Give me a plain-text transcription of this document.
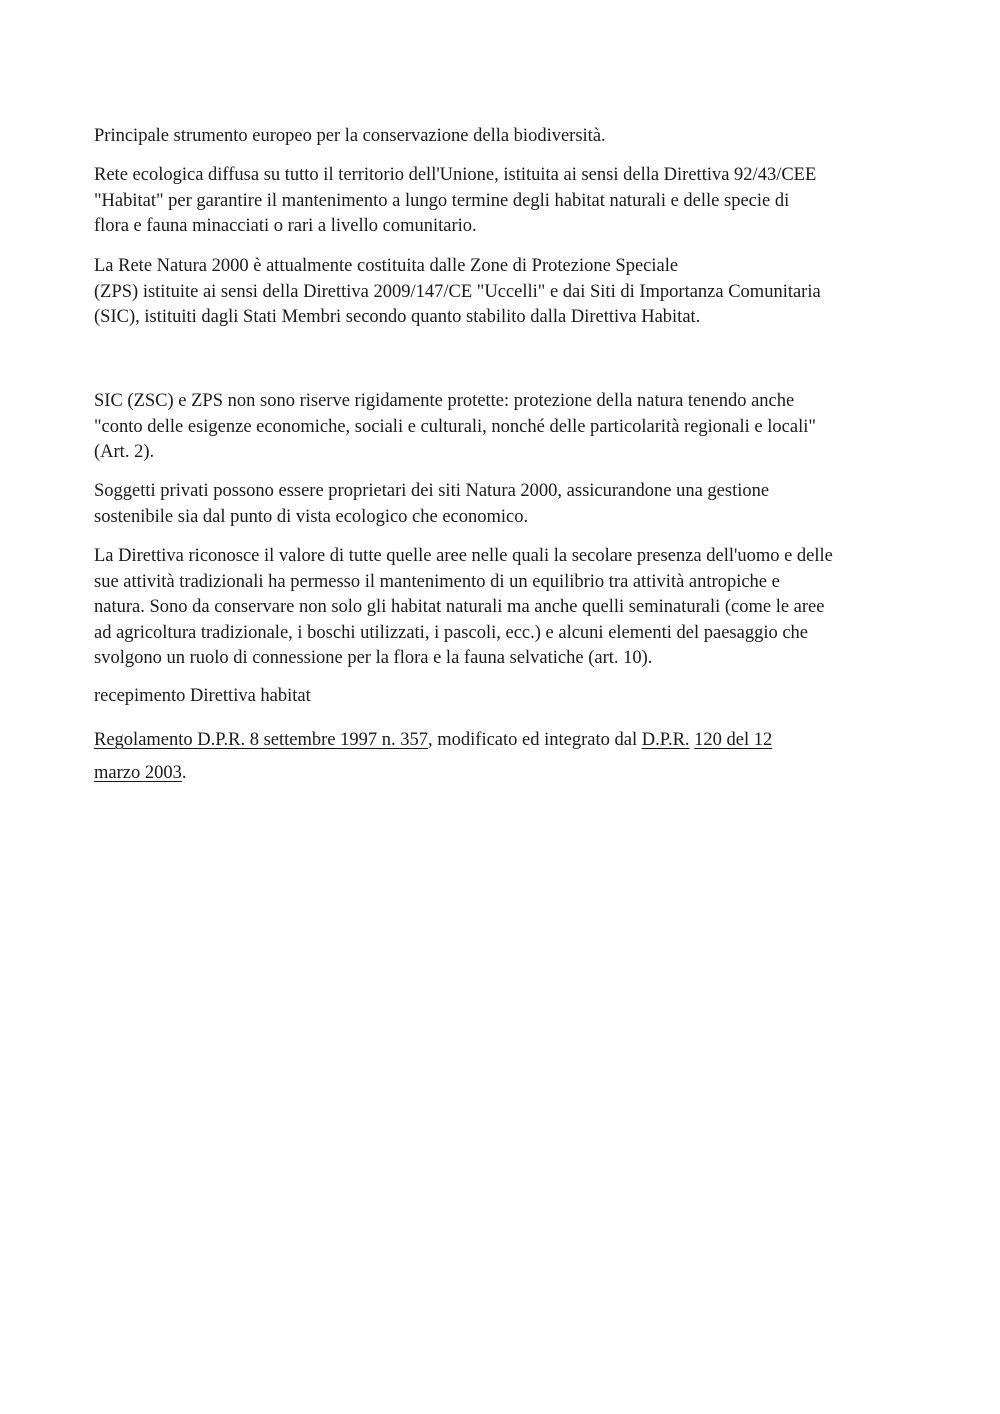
Principale strumento europeo per la conservazione della biodiversità.

Rete ecologica diffusa su tutto il territorio dell'Unione, istituita ai sensi della Direttiva 92/43/CEE
"Habitat" per garantire il mantenimento a lungo termine degli habitat naturali e delle specie di
flora e fauna minacciati o rari a livello comunitario.

La Rete Natura 2000 è attualmente costituita dalle Zone di Protezione Speciale
(ZPS) istituite ai sensi della Direttiva 2009/147/CE "Uccelli" e dai Siti di Importanza Comunitaria
(SIC), istituiti dagli Stati Membri secondo quanto stabilito dalla Direttiva Habitat.

SIC (ZSC) e ZPS non sono riserve rigidamente protette: protezione della natura tenendo anche
"conto delle esigenze economiche, sociali e culturali, nonché delle particolarità regionali e locali"
(Art. 2).

Soggetti privati possono essere proprietari dei siti Natura 2000, assicurandone una gestione
sostenibile sia dal punto di vista ecologico che economico.

La Direttiva riconosce il valore di tutte quelle aree nelle quali la secolare presenza dell'uomo e delle
sue attività tradizionali ha permesso il mantenimento di un equilibrio tra attività antropiche e
natura. Sono da conservare non solo gli habitat naturali ma anche quelli seminaturali (come le aree
ad agricoltura tradizionale, i boschi utilizzati, i pascoli, ecc.) e alcuni elementi del paesaggio che
svolgono un ruolo di connessione per la flora e la fauna selvatiche (art. 10).

recepimento Direttiva habitat

Regolamento D.P.R. 8 settembre 1997 n. 357, modificato ed integrato dal D.P.R. 120 del 12
marzo 2003.
